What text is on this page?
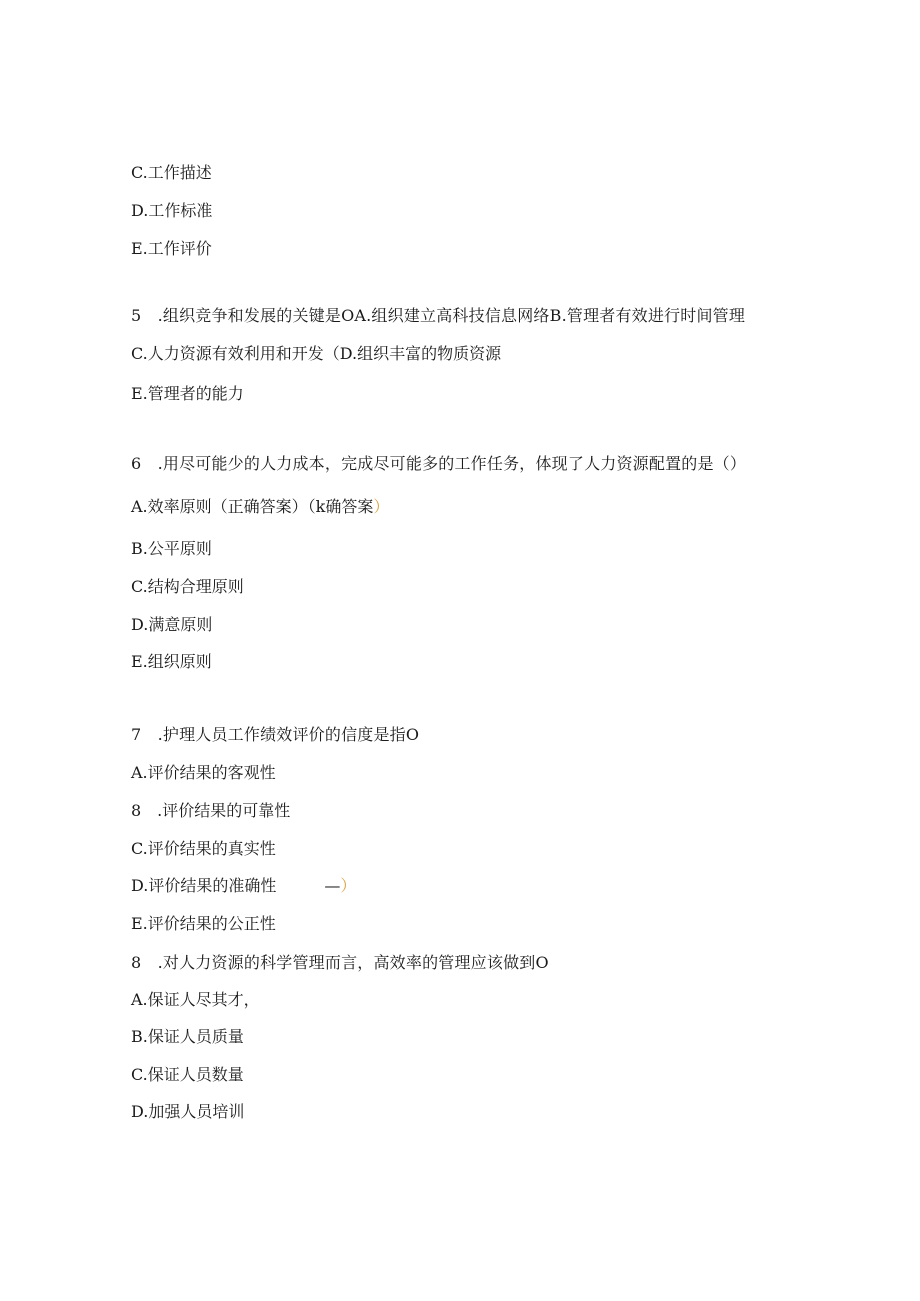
C.工作描述
D.工作标准
E.工作评价
5　.组织竞争和发展的关键是OA.组织建立高科技信息网络B.管理者有效进行时间管理
C.人力资源有效利用和开发（D.组织丰富的物质资源
E.管理者的能力
6　.用尽可能少的人力成本，完成尽可能多的工作任务，体现了人力资源配置的是（）
A.效率原则（正确答案）（k确答案）
B.公平原则
C.结构合理原则
D.满意原则
E.组织原则
7　.护理人员工作绩效评价的信度是指O
A.评价结果的客观性
8　.评价结果的可靠性
C.评价结果的真实性
D.评价结果的准确性	—）
E.评价结果的公正性
8　.对人力资源的科学管理而言，高效率的管理应该做到O
A.保证人尽其才，
B.保证人员质量
C.保证人员数量
D.加强人员培训
